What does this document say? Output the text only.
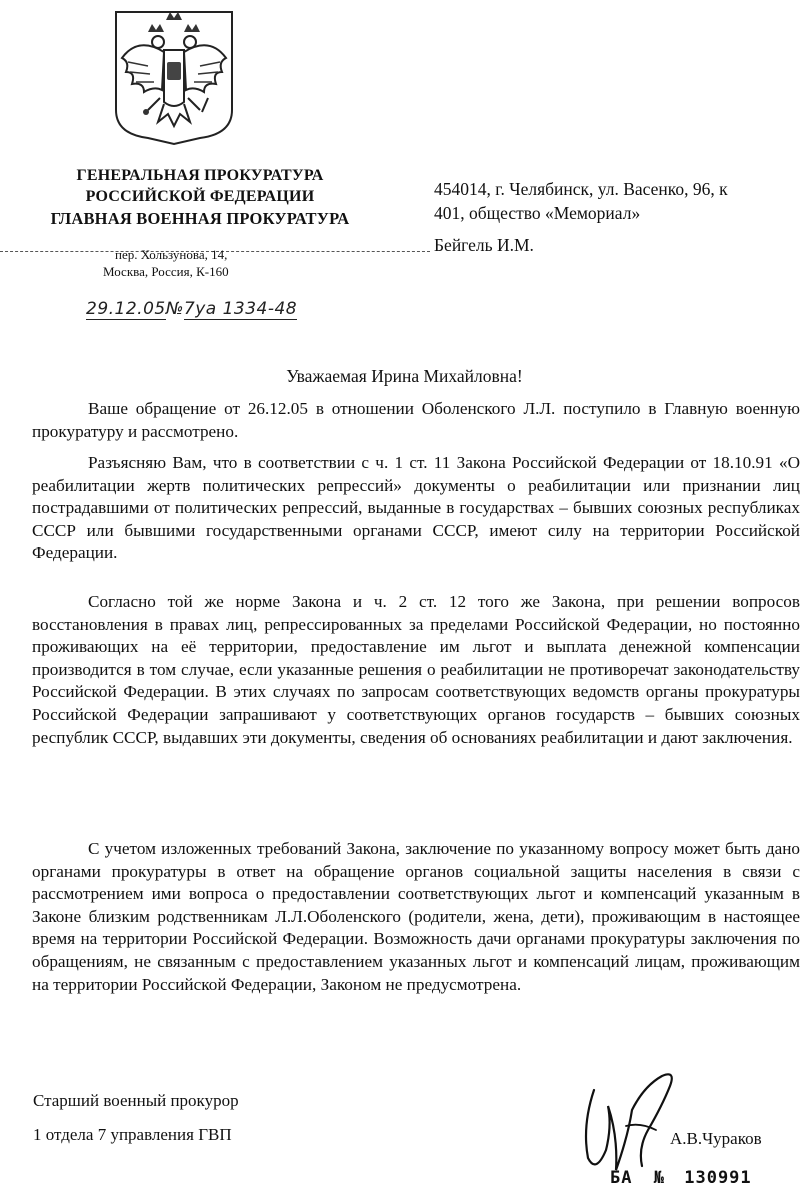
ГЕНЕРАЛЬНАЯ ПРОКУРАТУРА
РОССИЙСКОЙ ФЕДЕРАЦИИ
ГЛАВНАЯ ВОЕННАЯ ПРОКУРАТУРА
пер. Хользунова, 14,
Москва, Россия, К-160
454014, г. Челябинск, ул. Васенко, 96, к
401, общество «Мемориал»
Бейгель И.М.
29.12.05№7уа 1334-48
Уважаемая Ирина Михайловна!

Ваше обращение от 26.12.05 в отношении Оболенского Л.Л. поступило в Главную военную прокуратуру и рассмотрено.

Разъясняю Вам, что в соответствии с ч. 1 ст. 11 Закона Российской Федерации от 18.10.91 «О реабилитации жертв политических репрессий» документы о реабилитации или признании лиц пострадавшими от политических репрессий, выданные в государствах – бывших союзных республиках СССР или бывшими государственными органами СССР, имеют силу на территории Российской Федерации.

Согласно той же норме Закона и ч. 2 ст. 12 того же Закона, при решении вопросов восстановления в правах лиц, репрессированных за пределами Российской Федерации, но постоянно проживающих на её территории, предоставление им льгот и выплата денежной компенсации производится в том случае, если указанные решения о реабилитации не противоречат законодательству Российской Федерации. В этих случаях по запросам соответствующих ведомств органы прокуратуры Российской Федерации запрашивают у соответствующих органов государств – бывших союзных республик СССР, выдавших эти документы, сведения об основаниях реабилитации и дают заключения.

С учетом изложенных требований Закона, заключение по указанному вопросу может быть дано органами прокуратуры в ответ на обращение органов социальной защиты населения в связи с рассмотрением ими вопроса о предоставлении соответствующих льгот и компенсаций указанным в Законе близким родственникам Л.Л.Оболенского (родители, жена, дети), проживающим в настоящее время на территории Российской Федерации. Возможность дачи органами прокуратуры заключения по обращениям, не связанным с предоставлением указанных льгот и компенсаций лицам, проживающим на территории Российской Федерации, Законом не предусмотрена.

Старший военный прокурор
1 отдела 7 управления ГВП	А.В.Чураков
БА № 130991
